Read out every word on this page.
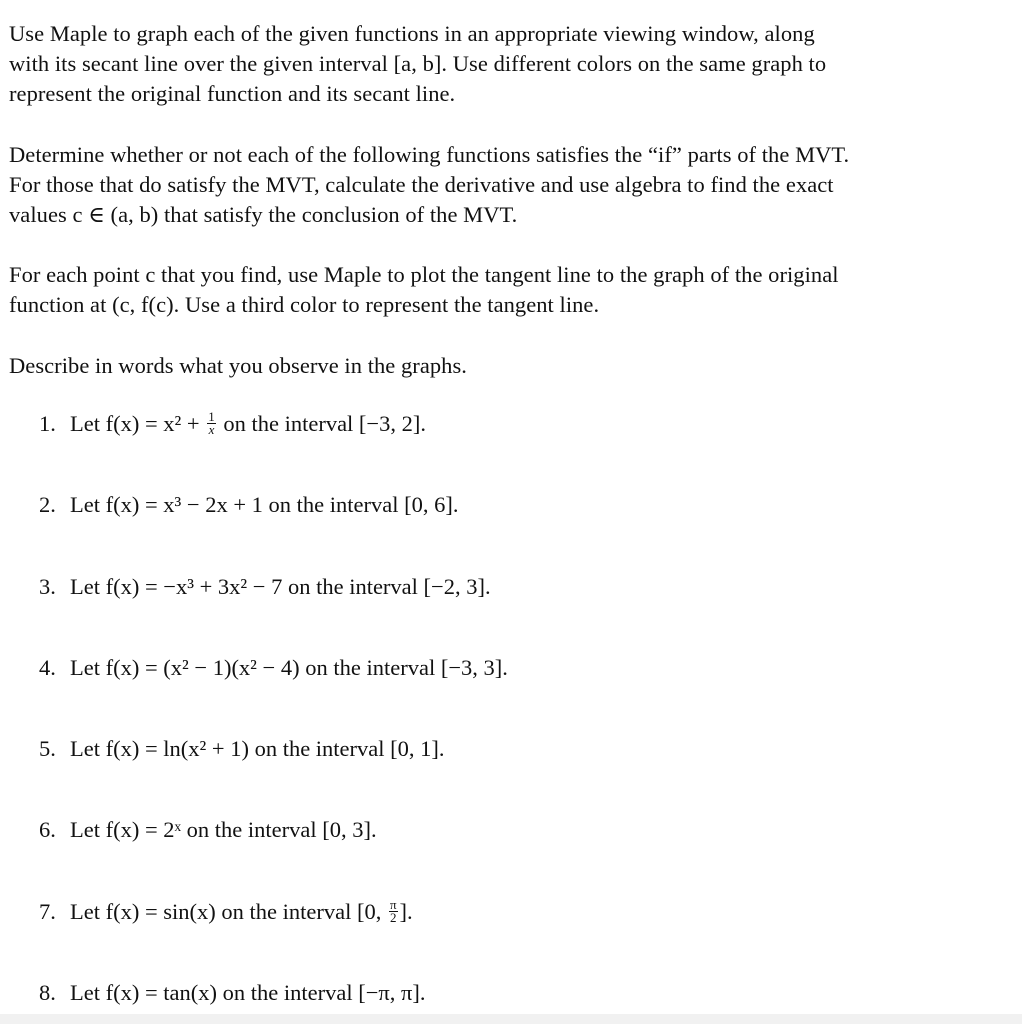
Use Maple to graph each of the given functions in an appropriate viewing window, along
with its secant line over the given interval [a, b]. Use different colors on the same graph to
represent the original function and its secant line.

Determine whether or not each of the following functions satisfies the “if” parts of the MVT.
For those that do satisfy the MVT, calculate the derivative and use algebra to find the exact
values c ∈ (a, b) that satisfy the conclusion of the MVT.

For each point c that you find, use Maple to plot the tangent line to the graph of the original
function at (c, f(c). Use a third color to represent the tangent line.

Describe in words what you observe in the graphs.

1. Let $f(x) = x^2 + \frac{1}{x}$ on the interval [−3, 2].
2. Let f(x) = x³ − 2x + 1 on the interval [0, 6].
3. Let f(x) = −x³ + 3x² − 7 on the interval [−2, 3].
4. Let f(x) = (x² − 1)(x² − 4) on the interval [−3, 3].
5. Let f(x) = ln(x² + 1) on the interval [0, 1].
6. Let f(x) = 2ˣ on the interval [0, 3].
7. Let f(x) = sin(x) on the interval [0, $\frac{\pi}{2}$ ].
8. Let f(x) = tan(x) on the interval [−π, π].
